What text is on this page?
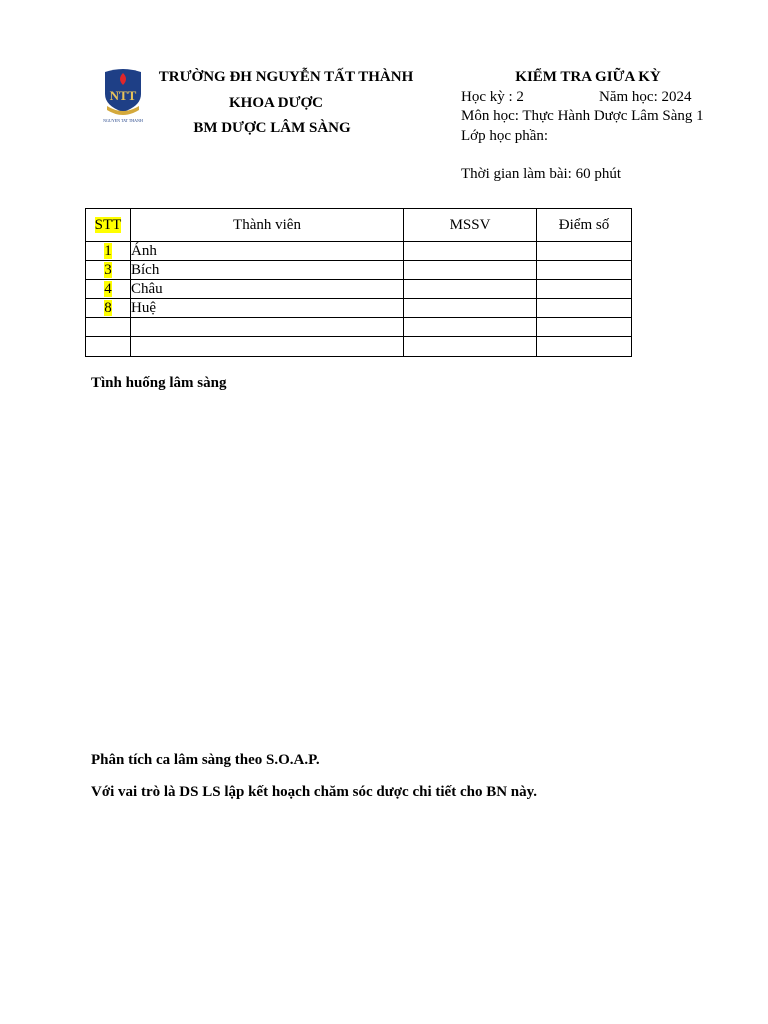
NTT
NGUYEN TAT THANH
TRƯỜNG ĐH NGUYỄN TẤT THÀNH
KHOA DƯỢC
BM DƯỢC LÂM SÀNG
KIỂM TRA GIỮA KỲ
Học kỳ : 2	Năm học: 2024
Môn học: Thực Hành Dược Lâm Sàng 1
Lớp học phần:
Thời gian làm bài: 60 phút
STT	Thành viên	MSSV	Điểm số
1	Ánh		
3	Bích		
4	Châu		
8	Huệ		

Tình huống lâm sàng
Phân tích ca lâm sàng theo S.O.A.P.
Với vai trò là DS LS lập kết hoạch chăm sóc dược chi tiết cho BN này.
